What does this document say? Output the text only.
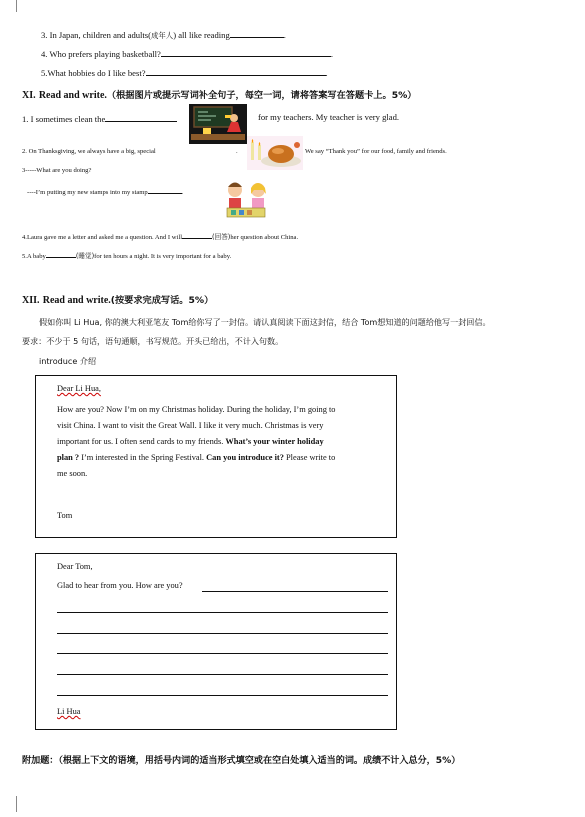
3. In Japan, children and adults(成年人) all like reading	.
4. Who prefers playing basketball?	.
5.What hobbies do I like best?	.
XI. Read and write.（根据图片或提示写词补全句子，每空一词，请将答案写在答题卡上。5%）
1. I sometimes clean the	for my teachers. My teacher is very glad.
2. On Thanksgiving, we always have a big, special	.	We say “Thank you” for our food, family and friends.
3-----What are you doing?
----I’m putting my new stamps into my stamp	.
4.Laura gave me a letter and asked me a question. And I will	(回答)her question about China.
5.A baby	(睡觉)for ten hours a night. It is very important for a baby.
XII. Read and write.(按要求完成写话。5%）
假如你叫 Li Hua, 你的澳大利亚笔友 Tom给你写了一封信。请认真阅读下面这封信，结合 Tom想知道的问题给他写一封回信。
要求：不少于 5 句话，语句通顺，书写规范。开头已给出，不计入句数。
introduce 介绍
Dear Li Hua,
How are you? Now I’m on my Christmas holiday. During the holiday, I’m going to
visit China. I want to visit the Great Wall. I like it very much. Christmas is very
important for us. I often send cards to my friends. What’s your winter holiday
plan ? I’m interested in the Spring Festival. Can you introduce it? Please write to
me soon.
Tom
Dear Tom,
Glad to hear from you. How are you?
Li Hua
附加题：（根据上下文的语境，用括号内词的适当形式填空或在空白处填入适当的词。成绩不计入总分，5%）
